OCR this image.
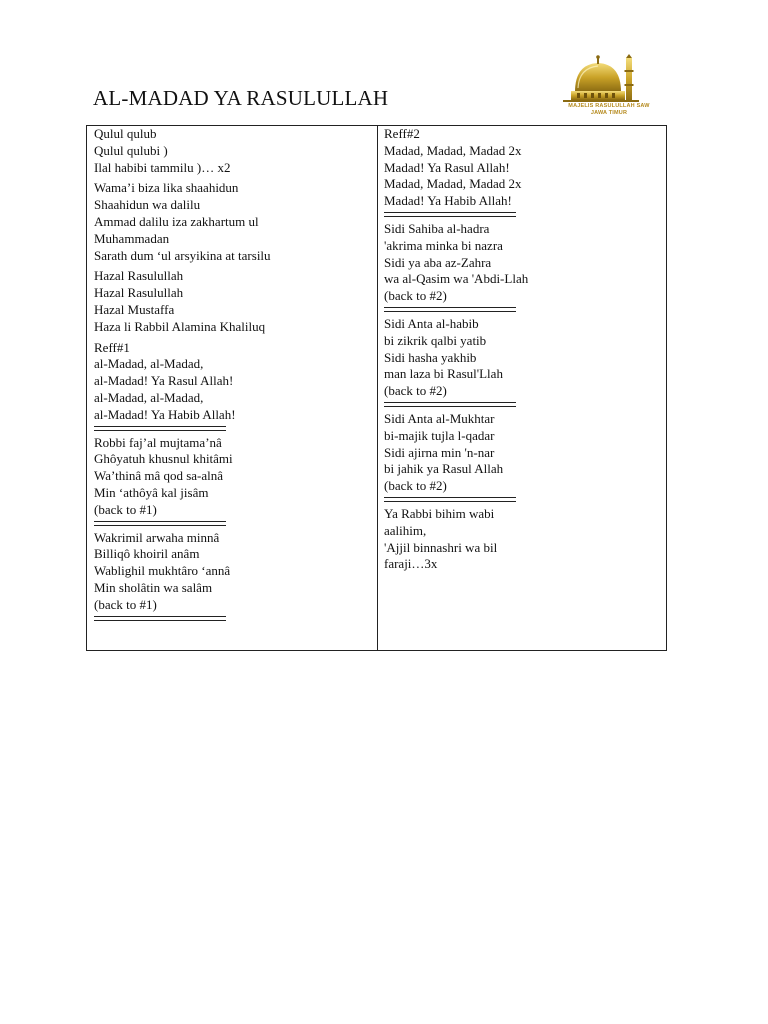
AL-MADAD YA RASULULLAH	MAJELIS RASULULLAH SAW
JAWA TIMUR
Qulul qulub
Qulul qulubi )
Ilal habibi tammilu )… x2
Wama’i biza lika shaahidun
Shaahidun wa dalilu
Ammad dalilu iza zakhartum ul
Muhammadan
Sarath dum ‘ul arsyikina at tarsilu
Hazal Rasulullah
Hazal Rasulullah
Hazal Mustaffa
Haza li Rabbil Alamina Khaliluq
Reff#1
al-Madad, al-Madad,
al-Madad! Ya Rasul Allah!
al-Madad, al-Madad,
al-Madad! Ya Habib Allah!
Robbi faj’al mujtama’nâ
Ghôyatuh khusnul khitâmi
Wa’thinâ mâ qod sa-alnâ
Min ‘athôyâ kal jisâm
(back to #1)
Wakrimil arwaha minnâ
Billiqô khoiril anâm
Wablighil mukhtâro ‘annâ
Min sholâtin wa salâm
(back to #1)
Reff#2
Madad, Madad, Madad 2x
Madad! Ya Rasul Allah!
Madad, Madad, Madad 2x
Madad! Ya Habib Allah!
Sidi Sahiba al-hadra
'akrima minka bi nazra
Sidi ya aba az-Zahra
wa al-Qasim wa 'Abdi-Llah
(back to #2)
Sidi Anta al-habib
bi zikrik qalbi yatib
Sidi hasha yakhib
man laza bi Rasul'Llah
(back to #2)
Sidi Anta al-Mukhtar
bi-majik tujla l-qadar
Sidi ajirna min 'n-nar
bi jahik ya Rasul Allah
(back to #2)
Ya Rabbi bihim wabi
aalihim,
'Ajjil binnashri wa bil
faraji…3x
